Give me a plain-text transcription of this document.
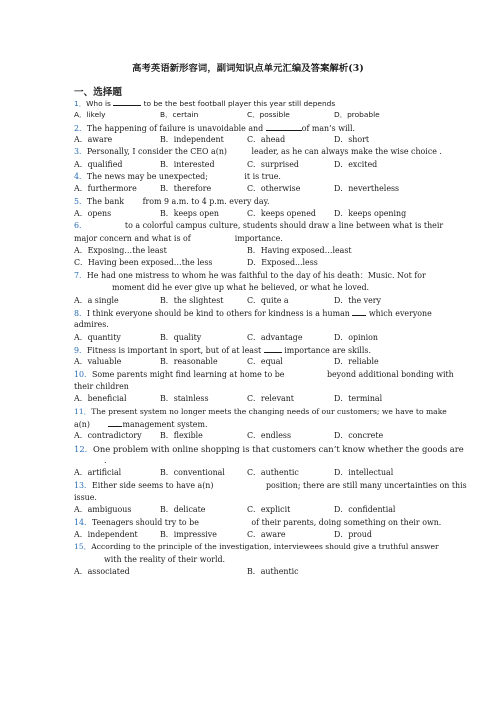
高考英语新形容词，副词知识点单元汇编及答案解析(3)
一、选择题
1．Who is	to be the best football player this year still depends
A．likely	B．certain	C．possible	D．probable
2．The happening of failure is unavoidable and	of man’s will.
A．aware	B．independent	C．ahead	D．short
3．Personally, I consider the CEO a(n)	leader, as he can always make the wise choice .
A．qualified	B．interested	C．surprised	D．excited
4．The news may be unexpected;	it is true.
A．furthermore	B．therefore	C．otherwise	D．nevertheless
5．The bank from 9 a.m. to 4 p.m. every day.
A．opens	B．keeps open	C．keeps opened D．keeps opening
6．	to a colorful campus culture, students should draw a line between what is their
major concern and what is of	importance.
A．Exposing…the least	B．Having exposed…least
C．Having been exposed…the less	D．Exposed...less
7．He had one mistress to whom he was faithful to the day of his death：Music. Not for
moment did he ever give up what he believed, or what he loved.
A．a single	B．the slightest	C．quite a	D．the very
8．I think everyone should be kind to others for kindness is a human which everyone
admires.
A．quantity	B．quality	C．advantage	D．opinion
9．Fitness is important in sport, but of at least	importance are skills.
A．valuable	B．reasonable	C．equal	D．reliable
10．Some parents might find learning at home to be	beyond additional bonding with
their children
A．beneficial	B．stainless	C．relevant	D．terminal
11．The present system no longer meets the changing needs of our customers; we have to make
a(n)	management system.
A．contradictory B．flexible	C．endless	D．concrete
12．One problem with online shopping is that customers can’t know whether the goods are
.
A．artificial	B．conventional	C．authentic	D．intellectual
13．Either side seems to have a(n)	position; there are still many uncertainties on this
issue.
A．ambiguous	B．delicate	C．explicit	D．confidential
14．Teenagers should try to be	of their parents, doing something on their own.
A．independent	B．impressive	C．aware	D．proud
15．According to the principle of the investigation, interviewees should give a truthful answer
with the reality of their world.
A．associated	B．authentic
